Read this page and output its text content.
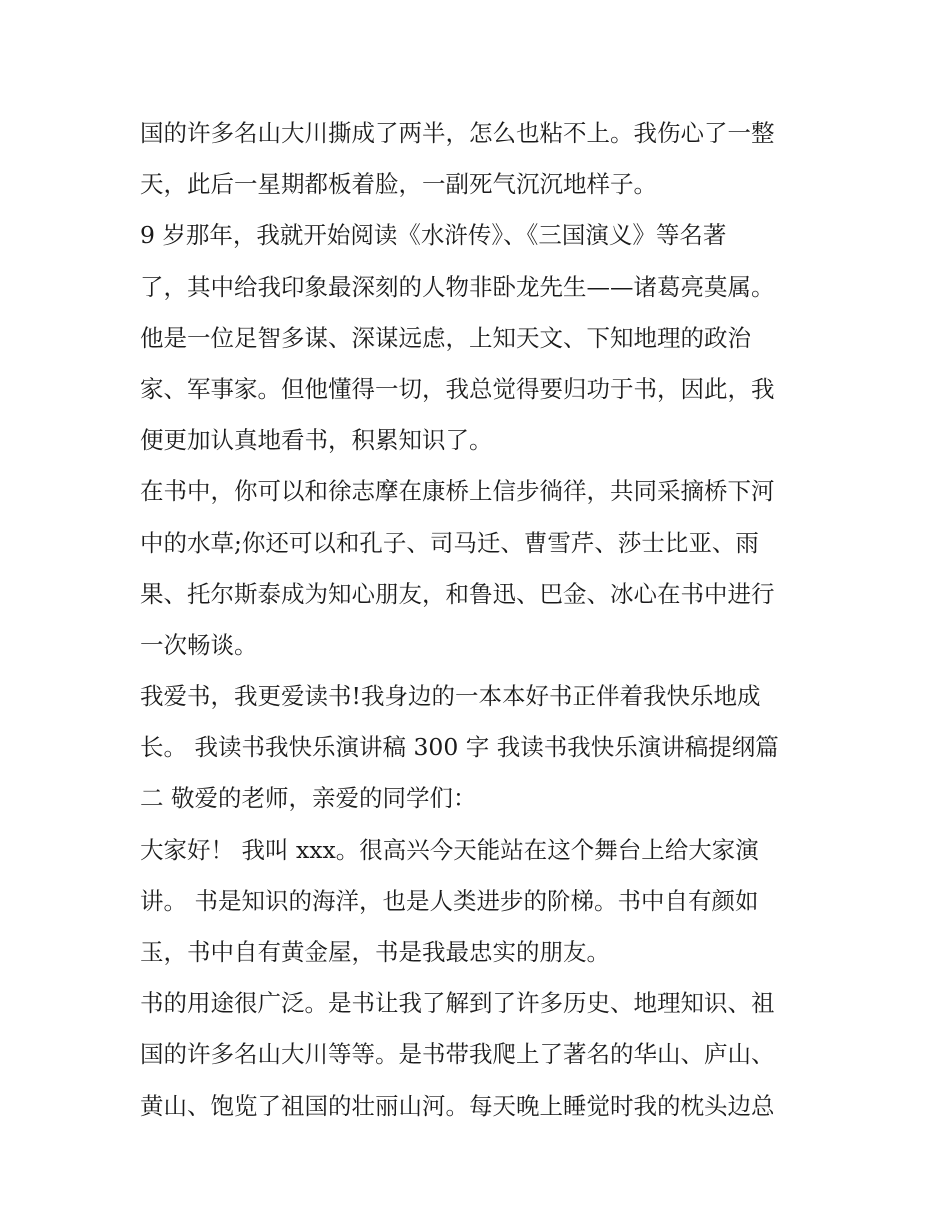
国的许多名山大川撕成了两半，怎么也粘不上。我伤心了一整
天，此后一星期都板着脸，一副死气沉沉地样子。
9 岁那年，我就开始阅读《水浒传》、《三国演义》等名著
了，其中给我印象最深刻的人物非卧龙先生——诸葛亮莫属。
他是一位足智多谋、深谋远虑，上知天文、下知地理的政治
家、军事家。但他懂得一切，我总觉得要归功于书，因此，我
便更加认真地看书，积累知识了。
在书中，你可以和徐志摩在康桥上信步徜徉，共同采摘桥下河
中的水草;你还可以和孔子、司马迁、曹雪芹、莎士比亚、雨
果、托尔斯泰成为知心朋友，和鲁迅、巴金、冰心在书中进行
一次畅谈。
我爱书，我更爱读书!我身边的一本本好书正伴着我快乐地成
长。 我读书我快乐演讲稿 300 字 我读书我快乐演讲稿提纲篇
二 敬爱的老师，亲爱的同学们：
大家好！ 我叫 xxx。很高兴今天能站在这个舞台上给大家演
讲。 书是知识的海洋，也是人类进步的阶梯。书中自有颜如
玉，书中自有黄金屋，书是我最忠实的朋友。
书的用途很广泛。是书让我了解到了许多历史、地理知识、祖
国的许多名山大川等等。是书带我爬上了著名的华山、庐山、
黄山、饱览了祖国的壮丽山河。每天晚上睡觉时我的枕头边总
